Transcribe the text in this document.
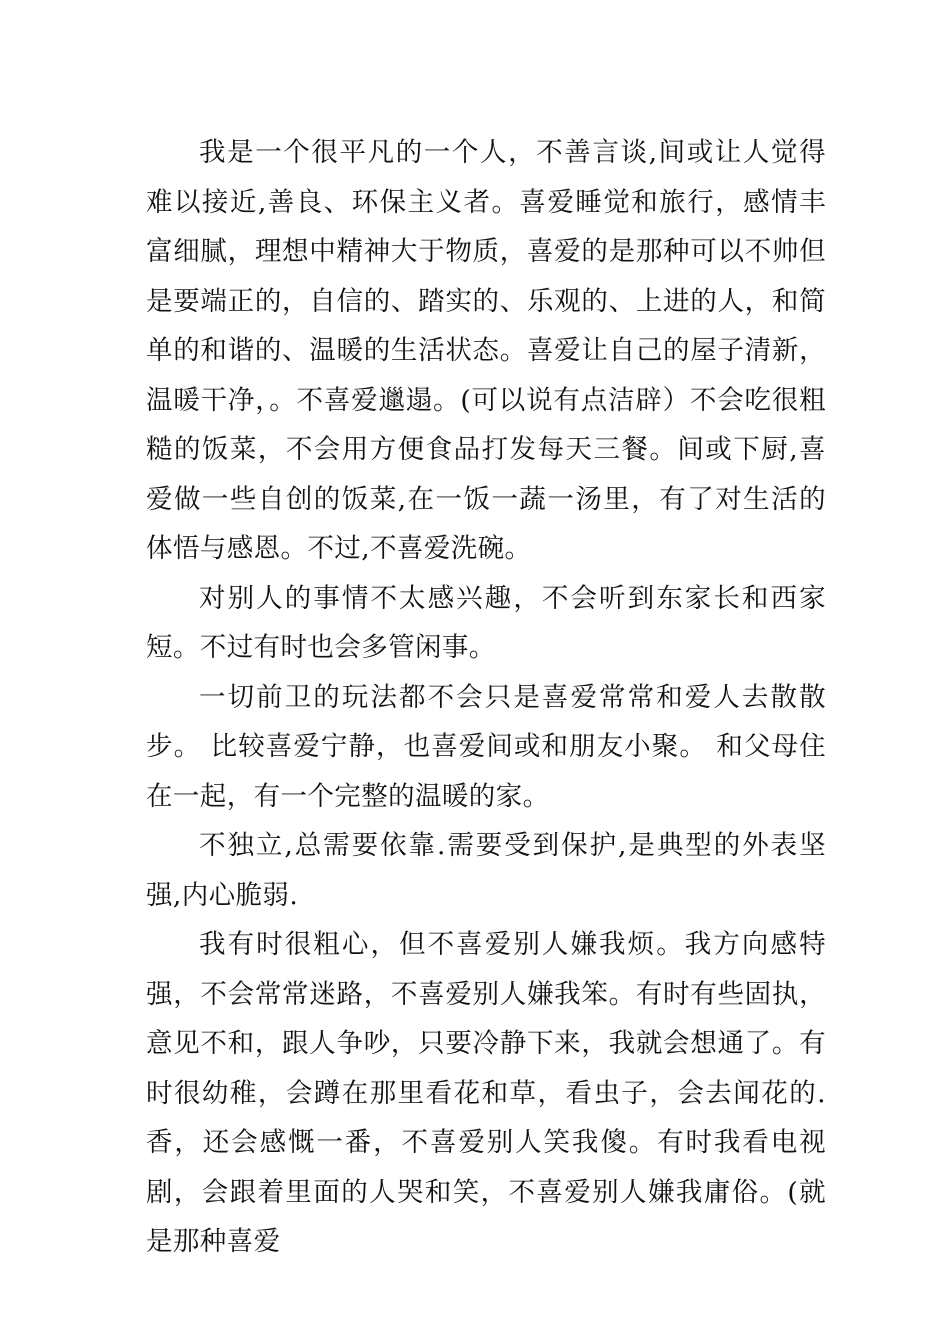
我是一个很平凡的一个人，不善言谈,间或让人觉得难以接近,善良、环保主义者。喜爱睡觉和旅行，感情丰富细腻，理想中精神大于物质，喜爱的是那种可以不帅但是要端正的，自信的、踏实的、乐观的、上进的人，和简单的和谐的、温暖的生活状态。喜爱让自己的屋子清新，温暖干净，。不喜爱邋遢。(可以说有点洁辟）不会吃很粗糙的饭菜，不会用方便食品打发每天三餐。间或下厨,喜爱做一些自创的饭菜,在一饭一蔬一汤里，有了对生活的体悟与感恩。不过,不喜爱洗碗。

对别人的事情不太感兴趣，不会听到东家长和西家短。不过有时也会多管闲事。

一切前卫的玩法都不会只是喜爱常常和爱人去散散步。 比较喜爱宁静，也喜爱间或和朋友小聚。 和父母住在一起，有一个完整的温暖的家。

不独立,总需要依靠.需要受到保护,是典型的外表坚强,内心脆弱.

我有时很粗心，但不喜爱别人嫌我烦。我方向感特强，不会常常迷路，不喜爱别人嫌我笨。有时有些固执，意见不和，跟人争吵，只要冷静下来，我就会想通了。有时很幼稚，会蹲在那里看花和草，看虫子，会去闻花的.香，还会感慨一番，不喜爱别人笑我傻。有时我看电视剧，会跟着里面的人哭和笑，不喜爱别人嫌我庸俗。(就是那种喜爱
